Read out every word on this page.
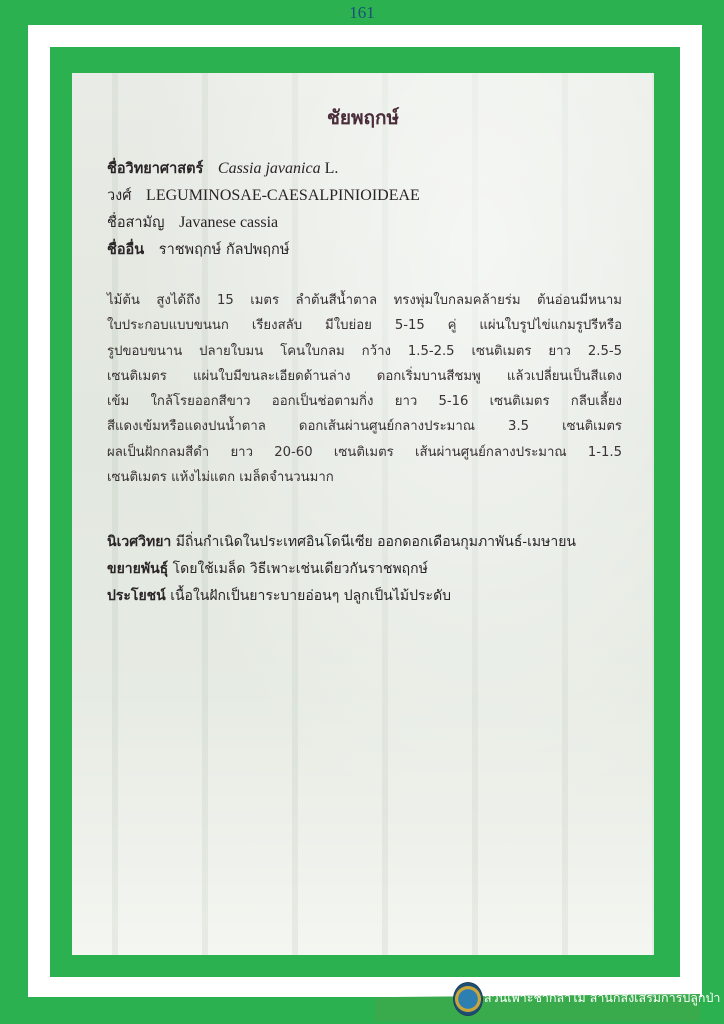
161
ชัยพฤกษ์
ชื่อวิทยาศาสตร์ Cassia javanica L.
วงศ์ LEGUMINOSAE-CAESALPINIOIDEAE
ชื่อสามัญ Javanese cassia
ชื่ออื่น ราชพฤกษ์ กัลปพฤกษ์
ไม้ต้น สูงได้ถึง 15 เมตร ลำต้นสีน้ำตาล ทรงพุ่มใบกลมคล้ายร่ม ต้นอ่อนมีหนาม
ใบประกอบแบบขนนก เรียงสลับ มีใบย่อย 5-15 คู่ แผ่นใบรูปไข่แกมรูปรีหรือ
รูปขอบขนาน ปลายใบมน โคนใบกลม กว้าง 1.5-2.5 เซนติเมตร ยาว 2.5-5
เซนติเมตร แผ่นใบมีขนละเอียดด้านล่าง ดอกเริ่มบานสีชมพู แล้วเปลี่ยนเป็นสีแดง
เข้ม ใกล้โรยออกสีขาว ออกเป็นช่อตามกิ่ง ยาว 5-16 เซนติเมตร กลีบเลี้ยง
สีแดงเข้มหรือแดงปนน้ำตาล ดอกเส้นผ่านศูนย์กลางประมาณ 3.5 เซนติเมตร
ผลเป็นฝักกลมสีดำ ยาว 20-60 เซนติเมตร เส้นผ่านศูนย์กลางประมาณ 1-1.5
เซนติเมตร แห้งไม่แตก เมล็ดจำนวนมาก
นิเวศวิทยา มีถิ่นกำเนิดในประเทศอินโดนีเซีย ออกดอกเดือนกุมภาพันธ์-เมษายน
ขยายพันธุ์ โดยใช้เมล็ด วิธีเพาะเช่นเดียวกันราชพฤกษ์
ประโยชน์ เนื้อในฝักเป็นยาระบายอ่อนๆ ปลูกเป็นไม้ประดับ
ส่วนเพาะชำกล้าไม้ สำนักส่งเสริมการปลูกป่า
